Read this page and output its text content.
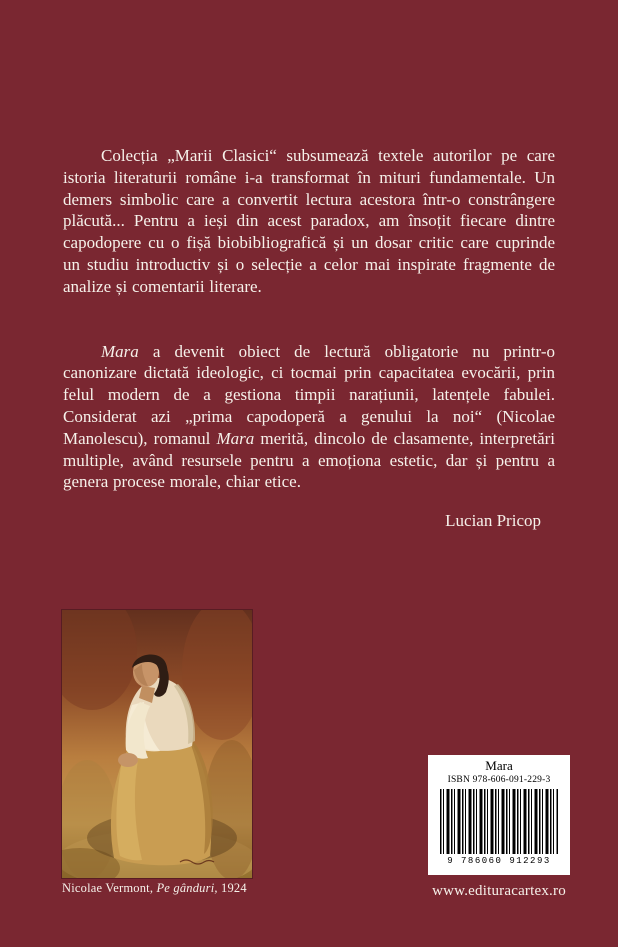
Colecția „Marii Clasici“ subsumează textele autorilor pe care istoria literaturii române i-a transformat în mituri fundamentale. Un demers simbolic care a convertit lectura acestora într-o constrângere plăcută... Pentru a ieși din acest paradox, am însoțit fiecare dintre capodopere cu o fișă biobibliografică și un dosar critic care cuprinde un studiu introductiv și o selecție a celor mai inspirate fragmente de analize și comentarii literare.

Mara a devenit obiect de lectură obligatorie nu printr-o canonizare dictată ideologic, ci tocmai prin capacitatea evocării, prin felul modern de a gestiona timpii narațiunii, latențele fabulei. Considerat azi „prima capodoperă a genului la noi“ (Nicolae Manolescu), romanul Mara merită, dincolo de clasamente, interpretări multiple, având resursele pentru a emoționa estetic, dar și pentru a genera procese morale, chiar etice.

Lucian Pricop
Nicolae Vermont, Pe gânduri, 1924
Mara
ISBN 978-606-091-229-3
9 786060 912293
www.edituracartex.ro
